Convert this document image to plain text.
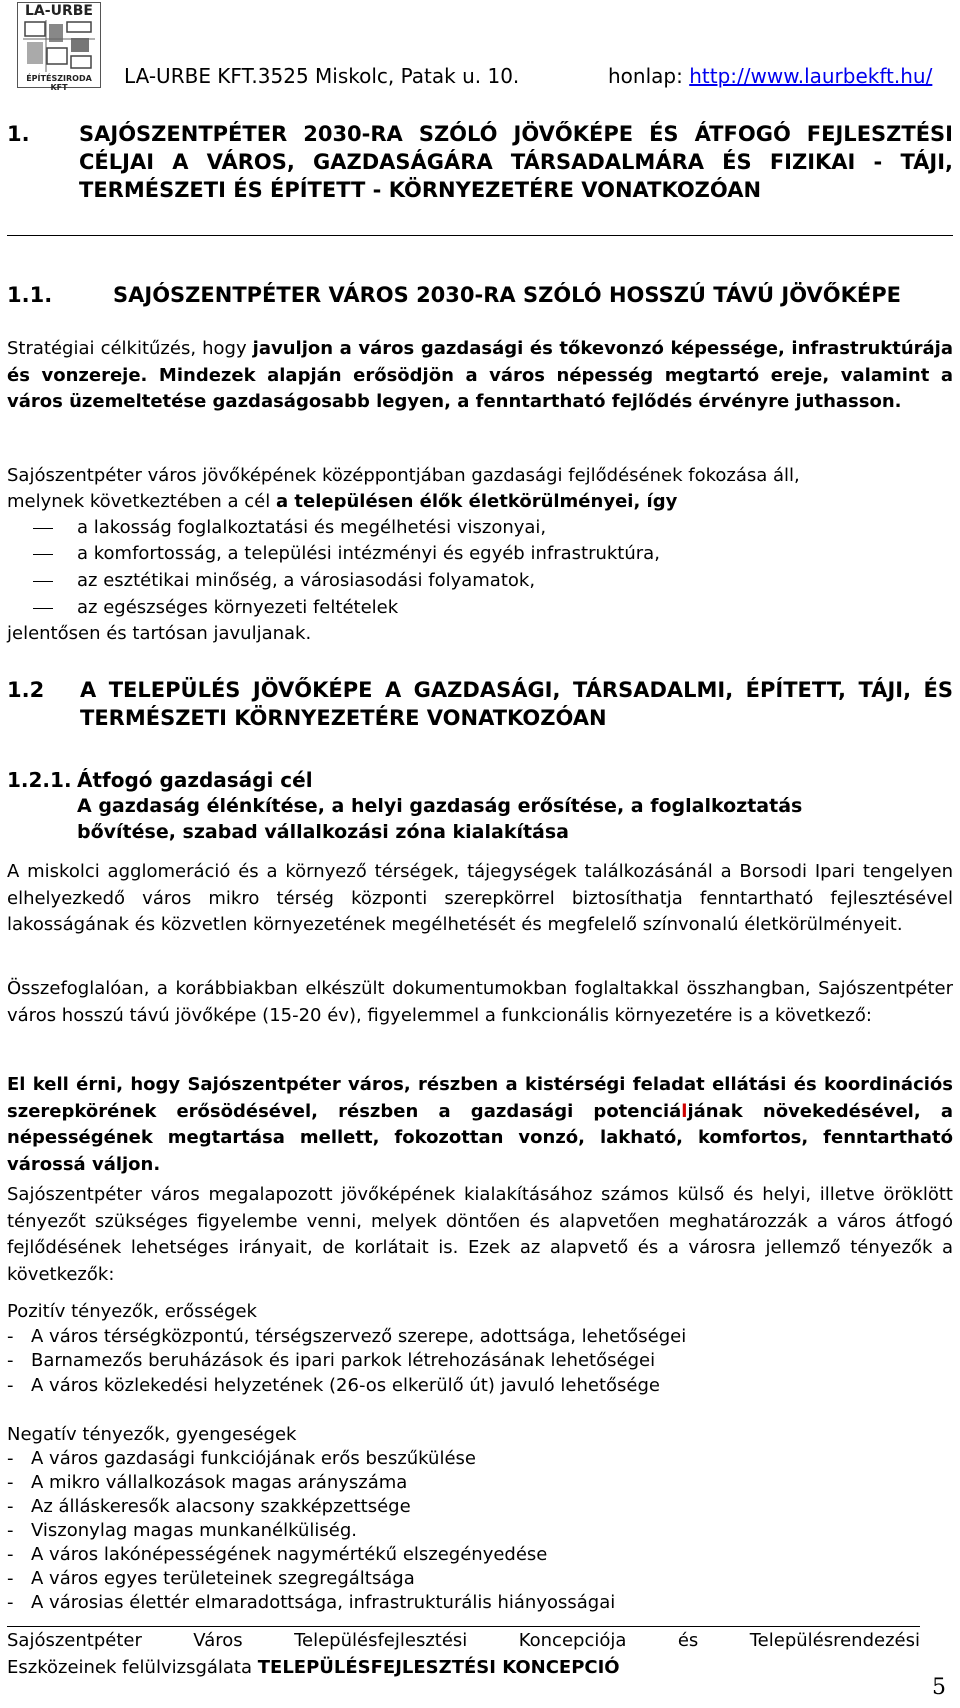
LA-URBE
ÉPÍTÉSZIRODA KFT	LA-URBE KFT.3525 Miskolc, Patak u. 10.	honlap: http://www.laurbekft.hu/
1. SAJÓSZENTPÉTER 2030-RA SZÓLÓ JÖVŐKÉPE ÉS ÁTFOGÓ FEJLESZTÉSI CÉLJAI A VÁROS, GAZDASÁGÁRA TÁRSADALMÁRA ÉS FIZIKAI - TÁJI, TERMÉSZETI ÉS ÉPÍTETT - KÖRNYEZETÉRE VONATKOZÓAN
1.1.	SAJÓSZENTPÉTER VÁROS 2030-RA SZÓLÓ HOSSZÚ TÁVÚ JÖVŐKÉPE
Stratégiai célkitűzés, hogy javuljon a város gazdasági és tőkevonzó képessége, infrastruktúrája és vonzereje. Mindezek alapján erősödjön a város népesség megtartó ereje, valamint a város üzemeltetése gazdaságosabb legyen, a fenntartható fejlődés érvényre juthasson.
Sajószentpéter város jövőképének középpontjában gazdasági fejlődésének fokozása áll,
melynek következtében a cél a településen élők életkörülményei, így
a lakosság foglalkoztatási és megélhetési viszonyai,
a komfortosság, a települési intézményi és egyéb infrastruktúra,
az esztétikai minőség, a városiasodási folyamatok,
az egészséges környezeti feltételek
jelentősen és tartósan javuljanak.
1.2 A TELEPÜLÉS JÖVŐKÉPE A GAZDASÁGI, TÁRSADALMI, ÉPÍTETT, TÁJI, ÉS TERMÉSZETI KÖRNYEZETÉRE VONATKOZÓAN
1.2.1. Átfogó gazdasági cél
A gazdaság élénkítése, a helyi gazdaság erősítése, a foglalkoztatás bővítése, szabad vállalkozási zóna kialakítása
A miskolci agglomeráció és a környező térségek, tájegységek találkozásánál a Borsodi Ipari tengelyen elhelyezkedő város mikro térség központi szerepkörrel biztosíthatja fenntartható fejlesztésével lakosságának és közvetlen környezetének megélhetését és megfelelő színvonalú életkörülményeit.
Összefoglalóan, a korábbiakban elkészült dokumentumokban foglaltakkal összhangban, Sajószentpéter város hosszú távú jövőképe (15-20 év), figyelemmel a funkcionális környezetére is a következő:
El kell érni, hogy Sajószentpéter város, részben a kistérségi feladat ellátási és koordinációs szerepkörének erősödésével, részben a gazdasági potenciáljának növekedésével, a népességének megtartása mellett, fokozottan vonzó, lakható, komfortos, fenntartható várossá váljon.
Sajószentpéter város megalapozott jövőképének kialakításához számos külső és helyi, illetve öröklött tényezőt szükséges figyelembe venni, melyek döntően és alapvetően meghatározzák a város átfogó fejlődésének lehetséges irányait, de korlátait is. Ezek az alapvető és a városra jellemző tényezők a következők:
Pozitív tényezők, erősségek
- A város térségközpontú, térségszervező szerepe, adottsága, lehetőségei
- Barnamezős beruházások és ipari parkok létrehozásának lehetőségei
- A város közlekedési helyzetének (26-os elkerülő út) javuló lehetősége
Negatív tényezők, gyengeségek
- A város gazdasági funkciójának erős beszűkülése
- A mikro vállalkozások magas arányszáma
- Az álláskeresők alacsony szakképzettsége
- Viszonylag magas munkanélküliség.
- A város lakónépességének nagymértékű elszegényedése
- A város egyes területeinek szegregáltsága
- A városias élettér elmaradottsága, infrastrukturális hiányosságai
Sajószentpéter Város Településfejlesztési Koncepciója és Településrendezési
Eszközeinek felülvizsgálata TELEPÜLÉSFEJLESZTÉSI KONCEPCIÓ
5
